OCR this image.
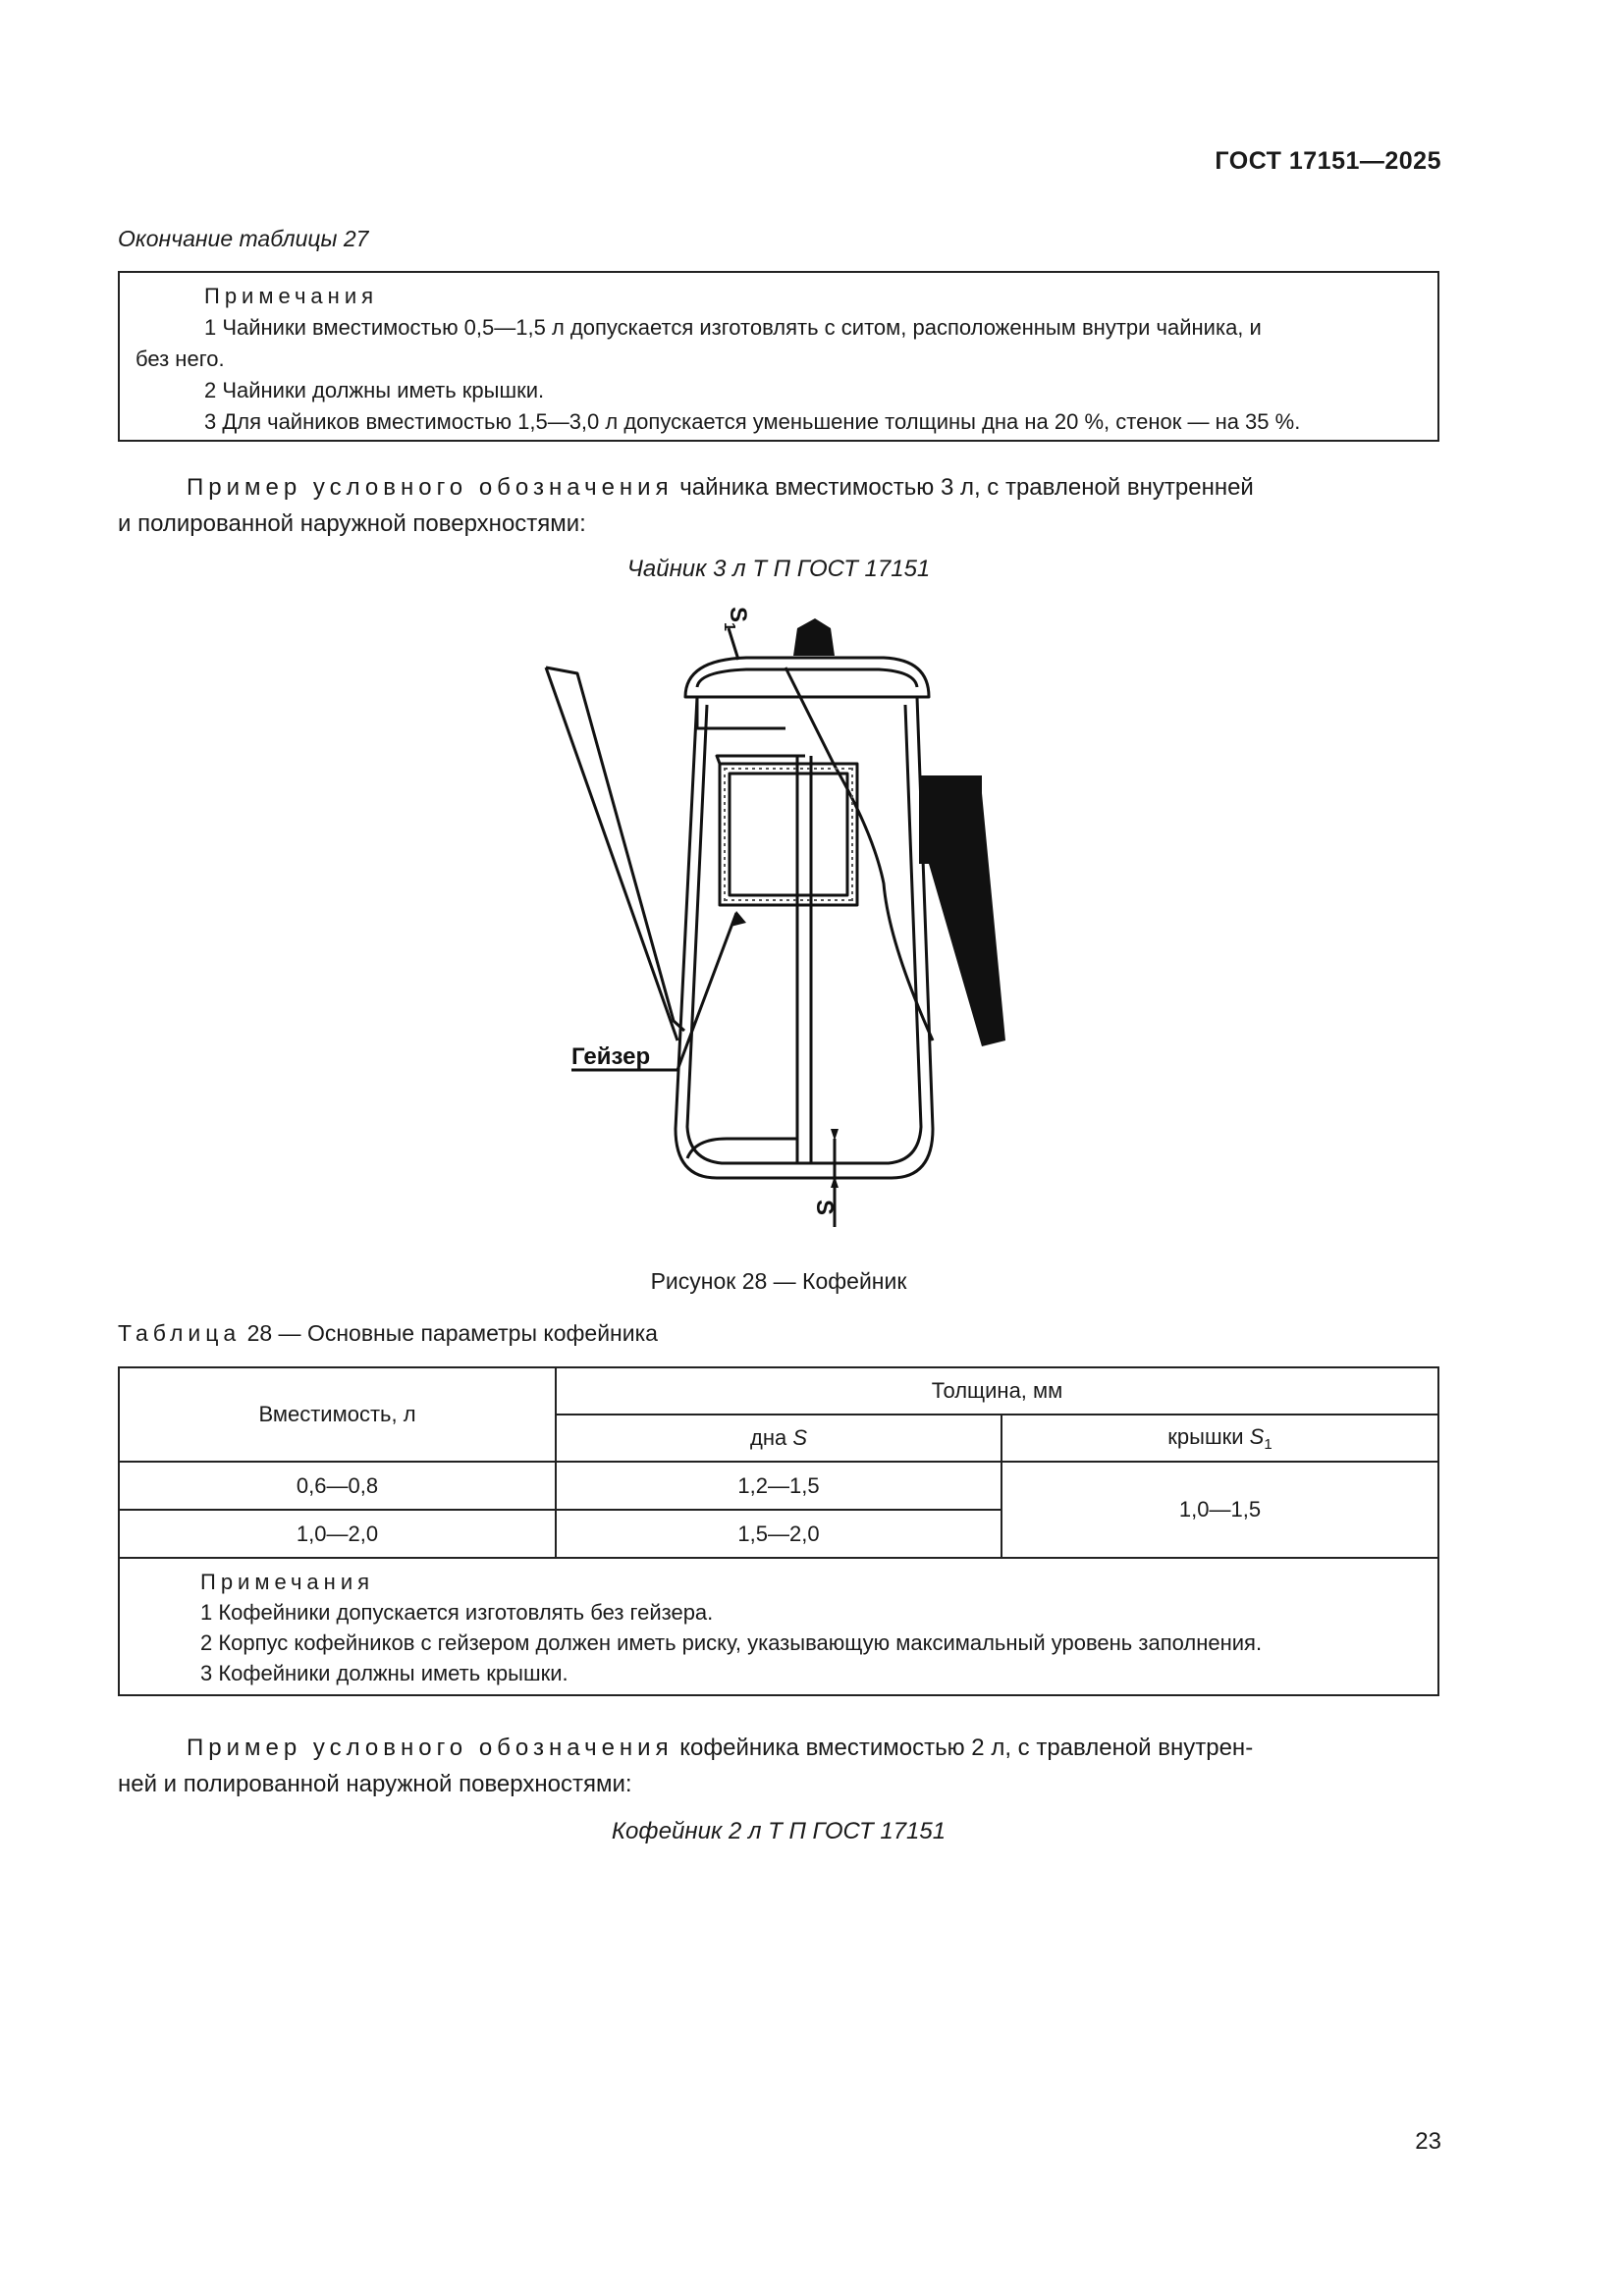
ГОСТ 17151—2025
Окончание таблицы 27
Примечания
1 Чайники вместимостью 0,5—1,5 л допускается изготовлять с ситом, расположенным внутри чайника, и
без него.
2 Чайники должны иметь крышки.
3 Для чайников вместимостью 1,5—3,0 л допускается уменьшение толщины дна на 20 %, стенок — на 35 %.
Пример условного обозначения чайника вместимостью 3 л, с травленой внутренней
и полированной наружной поверхностями:
Чайник 3 л Т П ГОСТ 17151
Гейзер
$S_1$
S
Рисунок 28 — Кофейник
Таблица 28 — Основные параметры кофейника
Вместимость, л	Толщина, мм	
	дна S	крышки $S_1$
0,6—0,8	1,2—1,5	1,0—1,5
1,0—2,0	1,5—2,0	

Примечания
1 Кофейники допускается изготовлять без гейзера.
2 Корпус кофейников с гейзером должен иметь риску, указывающую максимальный уровень заполнения.
3 Кофейники должны иметь крышки.		
Пример условного обозначения кофейника вместимостью 2 л, с травленой внутрен-
ней и полированной наружной поверхностями:
Кофейник 2 л Т П ГОСТ 17151
23
